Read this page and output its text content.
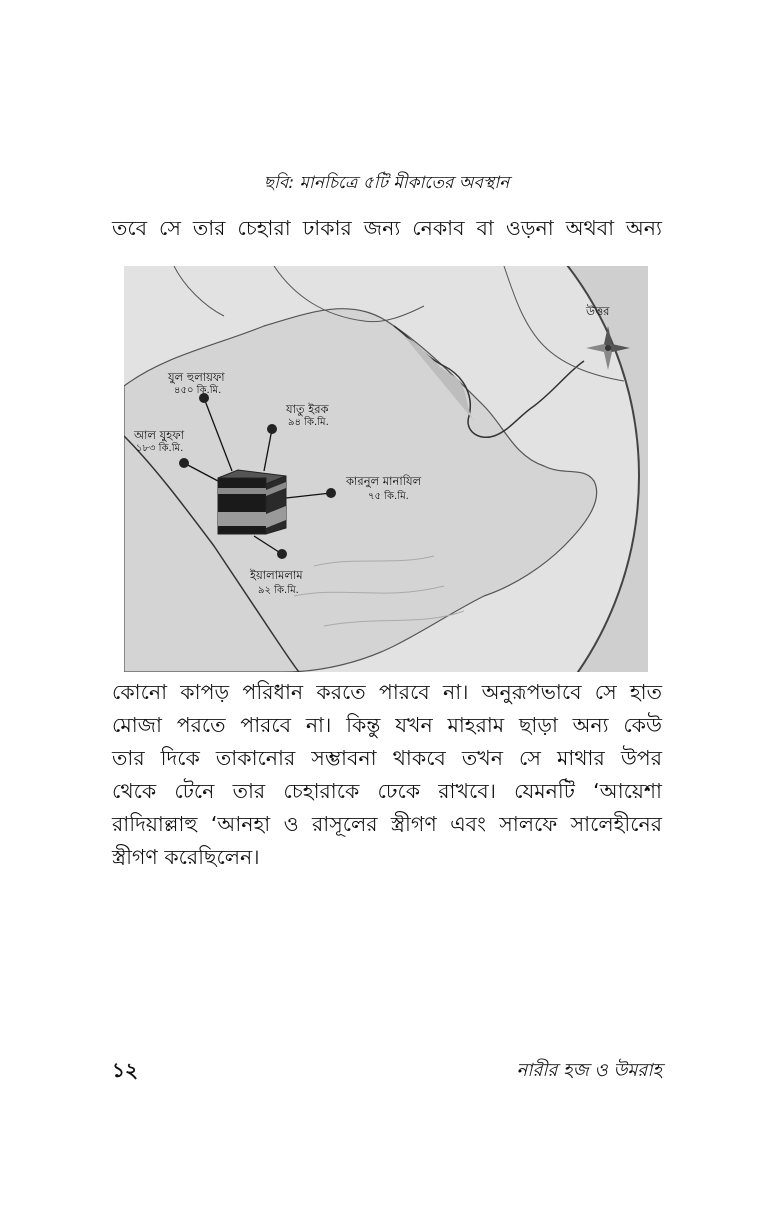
ছবি: মানচিত্রে ৫টি মীকাতের অবস্থান
তবে সে তার চেহারা ঢাকার জন্য নেকাব বা ওড়না অথবা অন্য
উত্তর
যুল হুলায়ফা
৪৫০ কি.মি.
যাতু ইরক
৯৪ কি.মি.
আল যুহফা
১৮৩ কি.মি.
কারনুল মানাযিল
৭৫ কি.মি.
ইয়ালামলাম
৯২ কি.মি.
কোনো কাপড় পরিধান করতে পারবে না। অনুরূপভাবে সে হাত
মোজা পরতে পারবে না। কিন্তু যখন মাহরাম ছাড়া অন্য কেউ
তার দিকে তাকানোর সম্ভাবনা থাকবে তখন সে মাথার উপর
থেকে টেনে তার চেহারাকে ঢেকে রাখবে। যেমনটি ‘আয়েশা
রাদিয়াল্লাহু ‘আনহা ও রাসূলের স্ত্রীগণ এবং সালফে সালেহীনের
স্ত্রীগণ করেছিলেন।
১২	নারীর হজ ও উমরাহ
